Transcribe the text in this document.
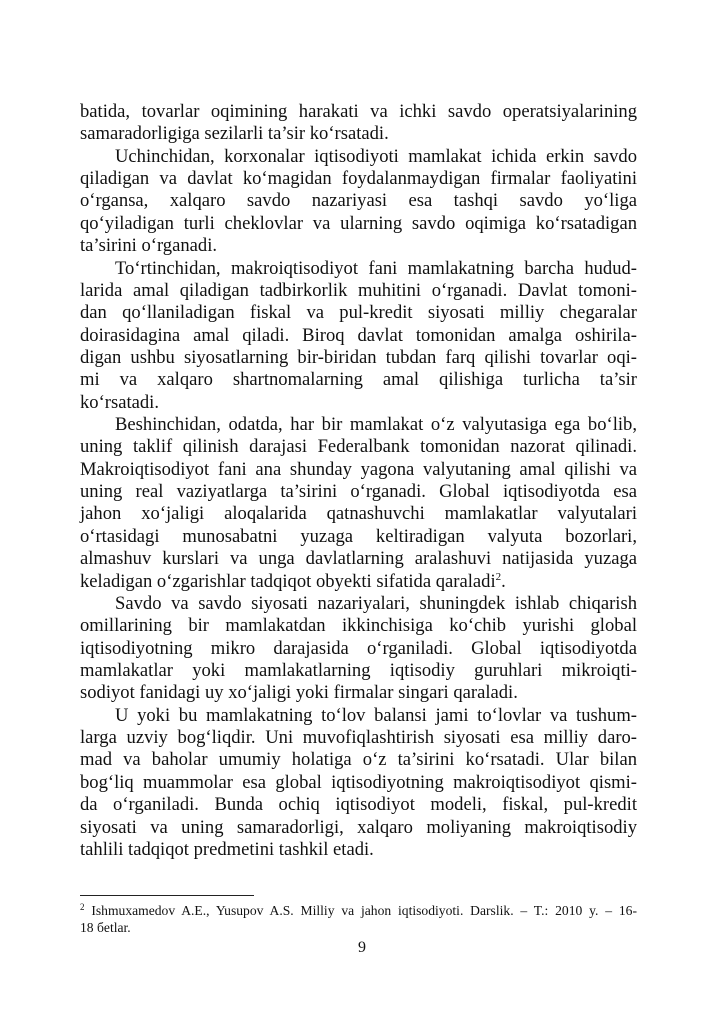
batida, tovarlar oqimining harakati va ichki savdo operatsiyalarining
samaradorligiga sezilarli ta’sir ko‘rsatadi.

Uchinchidan, korxonalar iqtisodiyoti mamlakat ichida erkin savdo
qiladigan va davlat ko‘magidan foydalanmaydigan firmalar faoliyatini
o‘rgansa, xalqaro savdo nazariyasi esa tashqi savdo yo‘liga
qo‘yiladigan turli cheklovlar va ularning savdo oqimiga ko‘rsatadigan
ta’sirini o‘rganadi.

To‘rtinchidan, makroiqtisodiyot fani mamlakatning barcha hudud-
larida amal qiladigan tadbirkorlik muhitini o‘rganadi. Davlat tomoni-
dan qo‘llaniladigan fiskal va pul-kredit siyosati milliy chegaralar
doirasidagina amal qiladi. Biroq davlat tomonidan amalga oshirila-
digan ushbu siyosatlarning bir-biridan tubdan farq qilishi tovarlar oqi-
mi va xalqaro shartnomalarning amal qilishiga turlicha ta’sir
ko‘rsatadi.

Beshinchidan, odatda, har bir mamlakat o‘z valyutasiga ega bo‘lib,
uning taklif qilinish darajasi Federalbank tomonidan nazorat qilinadi.
Makroiqtisodiyot fani ana shunday yagona valyutaning amal qilishi va
uning real vaziyatlarga ta’sirini o‘rganadi. Global iqtisodiyotda esa
jahon xo‘jaligi aloqalarida qatnashuvchi mamlakatlar valyutalari
o‘rtasidagi munosabatni yuzaga keltiradigan valyuta bozorlari,
almashuv kurslari va unga davlatlarning aralashuvi natijasida yuzaga
keladigan o‘zgarishlar tadqiqot obyekti sifatida qaraladi$^2$.

Savdo va savdo siyosati nazariyalari, shuningdek ishlab chiqarish
omillarining bir mamlakatdan ikkinchisiga ko‘chib yurishi global
iqtisodiyotning mikro darajasida o‘rganiladi. Global iqtisodiyotda
mamlakatlar yoki mamlakatlarning iqtisodiy guruhlari mikroiqti-
sodiyot fanidagi uy xo‘jaligi yoki firmalar singari qaraladi.

U yoki bu mamlakatning to‘lov balansi jami to‘lovlar va tushum-
larga uzviy bog‘liqdir. Uni muvofiqlashtirish siyosati esa milliy daro-
mad va baholar umumiy holatiga o‘z ta’sirini ko‘rsatadi. Ular bilan
bog‘liq muammolar esa global iqtisodiyotning makroiqtisodiyot qismi-
da o‘rganiladi. Bunda ochiq iqtisodiyot modeli, fiskal, pul-kredit
siyosati va uning samaradorligi, xalqaro moliyaning makroiqtisodiy
tahlili tadqiqot predmetini tashkil etadi.

$^2$ Ishmuxamedov A.E., Yusupov A.S. Milliy va jahon iqtisodiyoti. Darslik. – T.: 2010 y. – 16-
18 бetlar.
9
